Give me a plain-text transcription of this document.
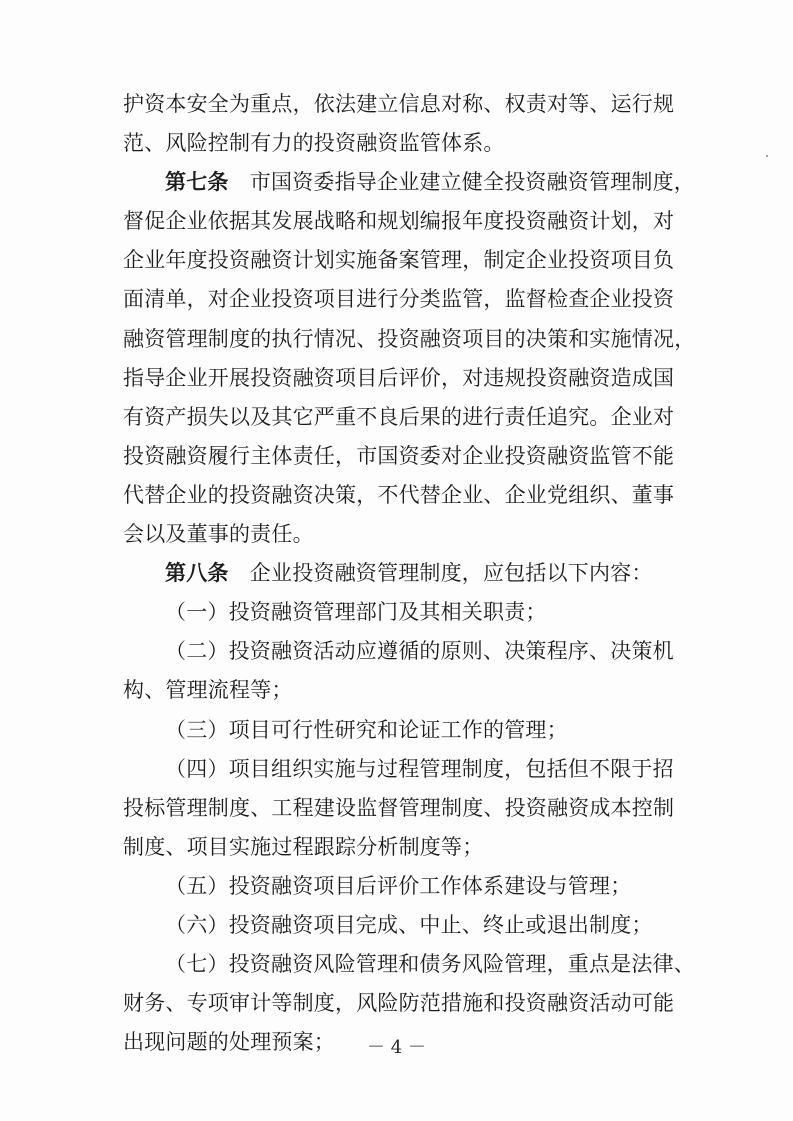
护资本安全为重点，依法建立信息对称、权责对等、运行规
范、风险控制有力的投资融资监管体系。
第七条　市国资委指导企业建立健全投资融资管理制度，
督促企业依据其发展战略和规划编报年度投资融资计划，对
企业年度投资融资计划实施备案管理，制定企业投资项目负
面清单，对企业投资项目进行分类监管，监督检查企业投资
融资管理制度的执行情况、投资融资项目的决策和实施情况，
指导企业开展投资融资项目后评价，对违规投资融资造成国
有资产损失以及其它严重不良后果的进行责任追究。企业对
投资融资履行主体责任，市国资委对企业投资融资监管不能
代替企业的投资融资决策，不代替企业、企业党组织、董事
会以及董事的责任。
第八条　企业投资融资管理制度，应包括以下内容：
（一）投资融资管理部门及其相关职责；
（二）投资融资活动应遵循的原则、决策程序、决策机
构、管理流程等；
（三）项目可行性研究和论证工作的管理；
（四）项目组织实施与过程管理制度，包括但不限于招
投标管理制度、工程建设监督管理制度、投资融资成本控制
制度、项目实施过程跟踪分析制度等；
（五）投资融资项目后评价工作体系建设与管理；
（六）投资融资项目完成、中止、终止或退出制度；
（七）投资融资风险管理和债务风险管理，重点是法律、
财务、专项审计等制度，风险防范措施和投资融资活动可能
出现问题的处理预案；	－ 4 －
